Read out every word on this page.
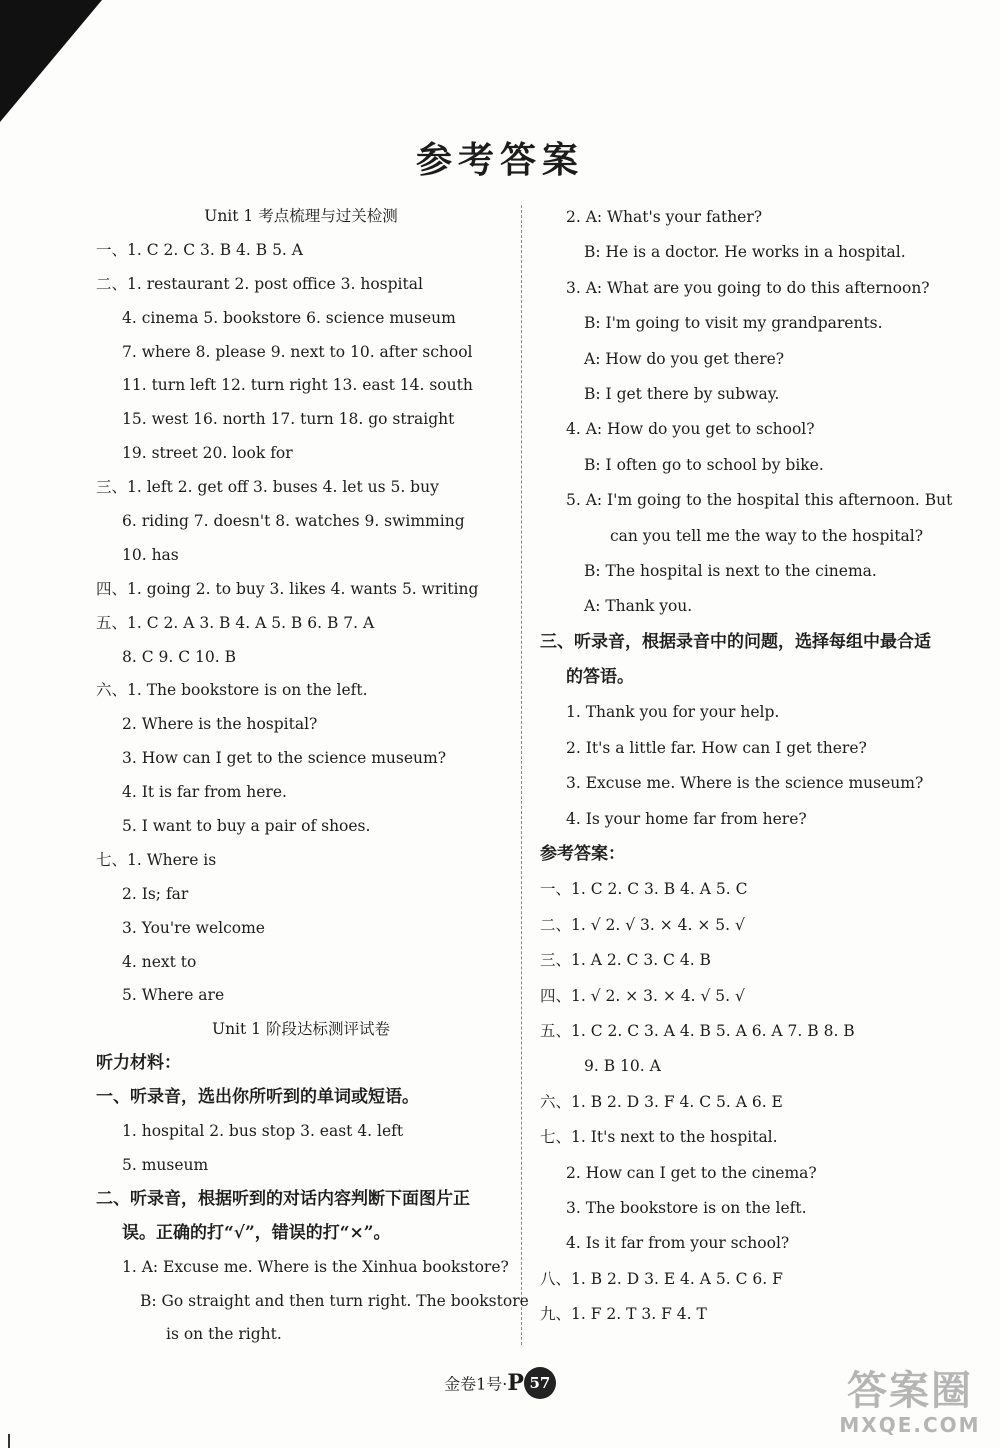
参考答案
Unit 1 考点梳理与过关检测
一、1. C 2. C 3. B 4. B 5. A
二、1. restaurant 2. post office 3. hospital
4. cinema 5. bookstore 6. science museum
7. where 8. please 9. next to 10. after school
11. turn left 12. turn right 13. east 14. south
15. west 16. north 17. turn 18. go straight
19. street 20. look for
三、1. left 2. get off 3. buses 4. let us 5. buy
6. riding 7. doesn't 8. watches 9. swimming
10. has
四、1. going 2. to buy 3. likes 4. wants 5. writing
五、1. C 2. A 3. B 4. A 5. B 6. B 7. A
8. C 9. C 10. B
六、1. The bookstore is on the left.
2. Where is the hospital?
3. How can I get to the science museum?
4. It is far from here.
5. I want to buy a pair of shoes.
七、1. Where is
2. Is; far
3. You're welcome
4. next to
5. Where are
Unit 1 阶段达标测评试卷
听力材料：
一、听录音，选出你所听到的单词或短语。
1. hospital 2. bus stop 3. east 4. left
5. museum
二、听录音，根据听到的对话内容判断下面图片正
误。正确的打“√”，错误的打“×”。
1. A: Excuse me. Where is the Xinhua bookstore?
B: Go straight and then turn right. The bookstore
is on the right.
2. A: What's your father?
B: He is a doctor. He works in a hospital.
3. A: What are you going to do this afternoon?
B: I'm going to visit my grandparents.
A: How do you get there?
B: I get there by subway.
4. A: How do you get to school?
B: I often go to school by bike.
5. A: I'm going to the hospital this afternoon. But
can you tell me the way to the hospital?
B: The hospital is next to the cinema.
A: Thank you.
三、听录音，根据录音中的问题，选择每组中最合适
的答语。
1. Thank you for your help.
2. It's a little far. How can I get there?
3. Excuse me. Where is the science museum?
4. Is your home far from here?
参考答案：
一、1. C 2. C 3. B 4. A 5. C
二、1. √ 2. √ 3. × 4. × 5. √
三、1. A 2. C 3. C 4. B
四、1. √ 2. × 3. × 4. √ 5. √
五、1. C 2. C 3. A 4. B 5. A 6. A 7. B 8. B
9. B 10. A
六、1. B 2. D 3. F 4. C 5. A 6. E
七、1. It's next to the hospital.
2. How can I get to the cinema?
3. The bookstore is on the left.
4. Is it far from your school?
八、1. B 2. D 3. E 4. A 5. C 6. F
九、1. F 2. T 3. F 4. T
金卷1号·P 57	答案圈
MXQE.COM
